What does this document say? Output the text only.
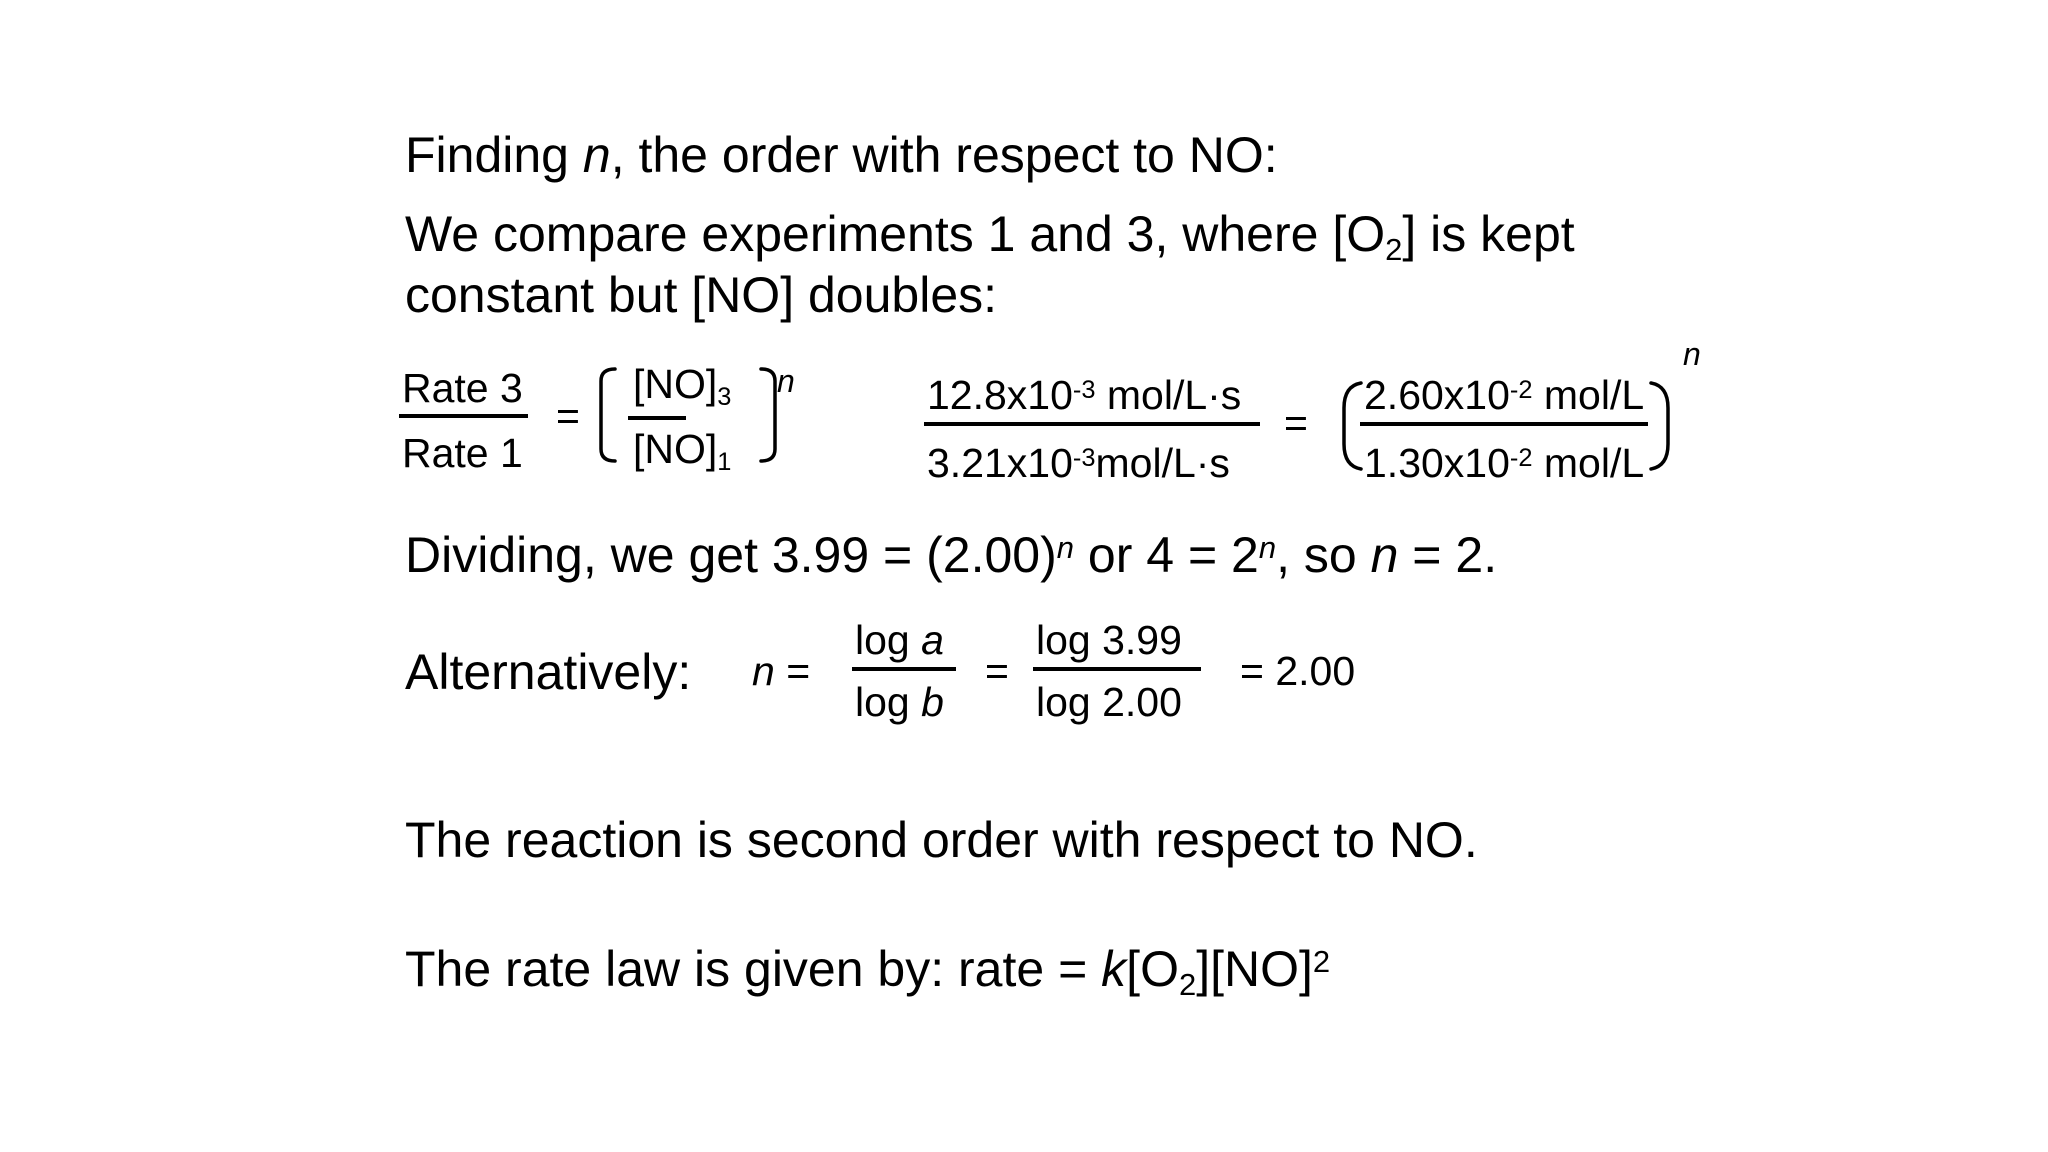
Finding n, the order with respect to NO:
We compare experiments 1 and 3, where $[O_2]$ is kept
constant but [NO] doubles:
Rate 3
Rate 1
=
$[NO]_3$
$[NO]_1$
n	$12.8x10^{-3}$ mol/L·s
$3.21x10^{-3}mol/L\cdot s$
=
$2.60x10^{-2}$ mol/L
$1.30x10^{-2}$ mol/L
n
Dividing, we get $3.99 = (2.00)^n$ or $4 = 2^n$, so n = 2.
Alternatively: n =
log a
log b
=
log 3.99
log 2.00
= 2.00
The reaction is second order with respect to NO.
The rate law is given by: rate = $k[O_2][NO]^2$
